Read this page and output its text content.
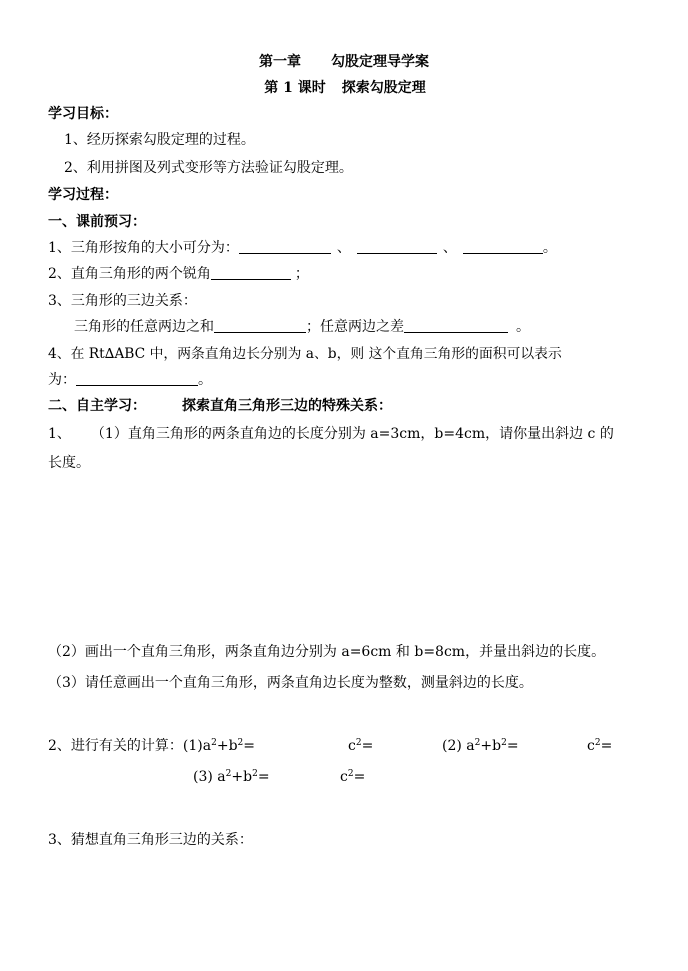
第一章 勾股定理导学案
第 1 课时 探索勾股定理
学习目标：
1、经历探索勾股定理的过程。
2、利用拼图及列式变形等方法验证勾股定理。
学习过程：
一、课前预习：
1、三角形按角的大小可分为：	、	、	。
2、直角三角形的两个锐角	；
3、三角形的三边关系：
三角形的任意两边之和	；任意两边之差	。
4、在 Rt∆ABC 中，两条直角边长分别为 a、b，则 这个直角三角形的面积可以表示
为：	。
二、自主学习：	探索直角三角形三边的特殊关系：
1、 （1）直角三角形的两条直角边的长度分别为 a=3cm，b=4cm，请你量出斜边 c 的
长度。
（2）画出一个直角三角形，两条直角边分别为 a=6cm 和 b=8cm，并量出斜边的长度。
（3）请任意画出一个直角三角形，两条直角边长度为整数，测量斜边的长度。
2、进行有关的计算：$(1)a^2+b^2=$	$c^2=$	(2) $a^2+b^2=$	$c^2=$
(3) $a^2+b^2=$	$c^2=$
3、猜想直角三角形三边的关系：
